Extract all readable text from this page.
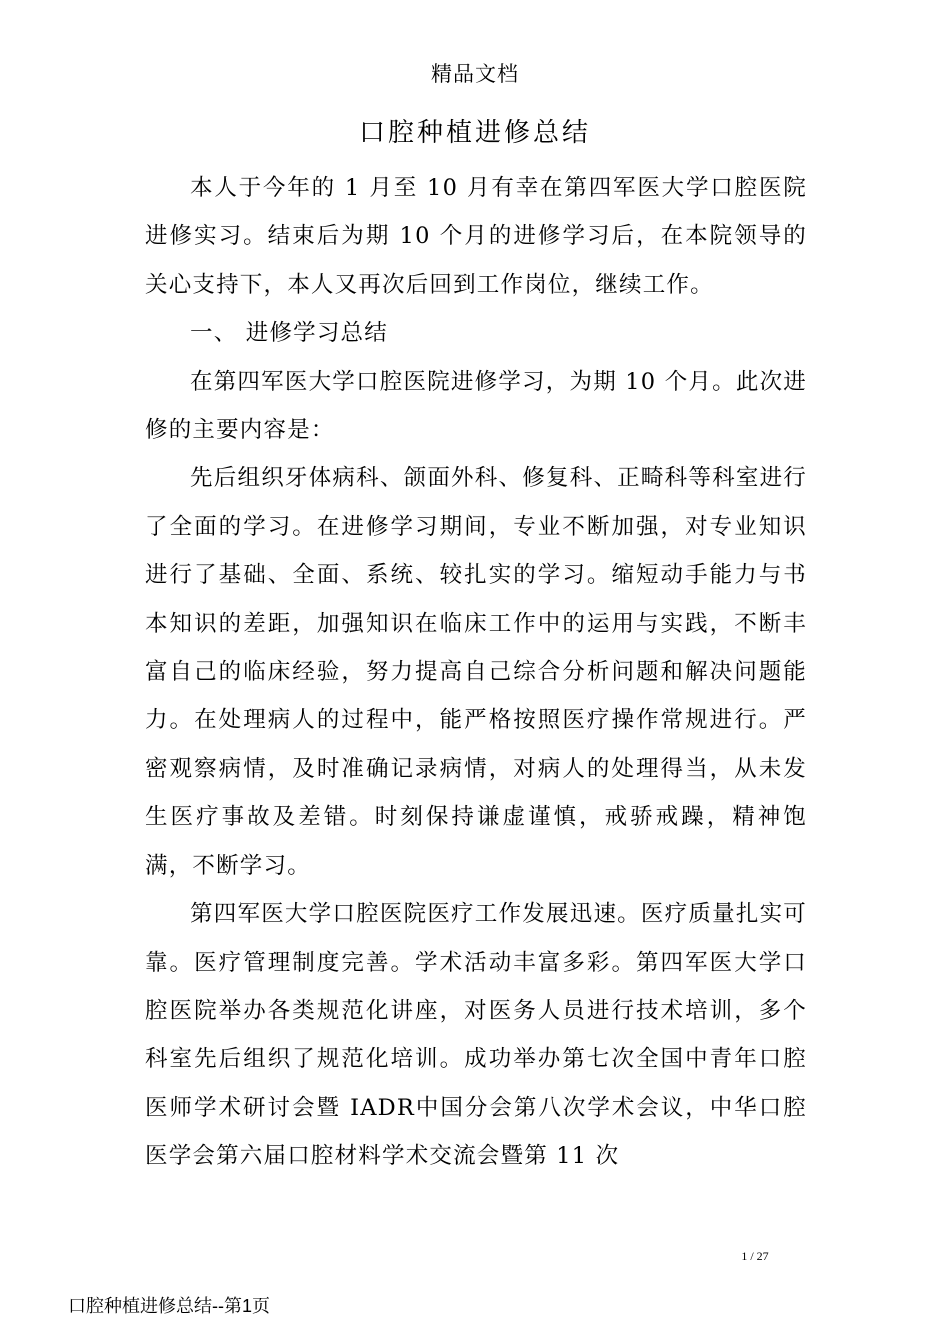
精品文档
口腔种植进修总结

本人于今年的 1 月至 10 月有幸在第四军医大学口腔医院进修实习。结束后为期 10 个月的进修学习后，在本院领导的关心支持下，本人又再次后回到工作岗位，继续工作。

一、 进修学习总结

在第四军医大学口腔医院进修学习，为期 10 个月。此次进修的主要内容是：

先后组织牙体病科、颌面外科、修复科、正畸科等科室进行了全面的学习。在进修学习期间，专业不断加强，对专业知识进行了基础、全面、系统、较扎实的学习。缩短动手能力与书本知识的差距，加强知识在临床工作中的运用与实践，不断丰富自己的临床经验，努力提高自己综合分析问题和解决问题能力。在处理病人的过程中，能严格按照医疗操作常规进行。严密观察病情，及时准确记录病情，对病人的处理得当，从未发生医疗事故及差错。时刻保持谦虚谨慎，戒骄戒躁，精神饱满，不断学习。

第四军医大学口腔医院医疗工作发展迅速。医疗质量扎实可靠。医疗管理制度完善。学术活动丰富多彩。第四军医大学口腔医院举办各类规范化讲座，对医务人员进行技术培训，多个科室先后组织了规范化培训。成功举办第七次全国中青年口腔医师学术研讨会暨 IADR中国分会第八次学术会议，中华口腔医学会第六届口腔材料学术交流会暨第 11 次

1 / 27
口腔种植进修总结--第1页
